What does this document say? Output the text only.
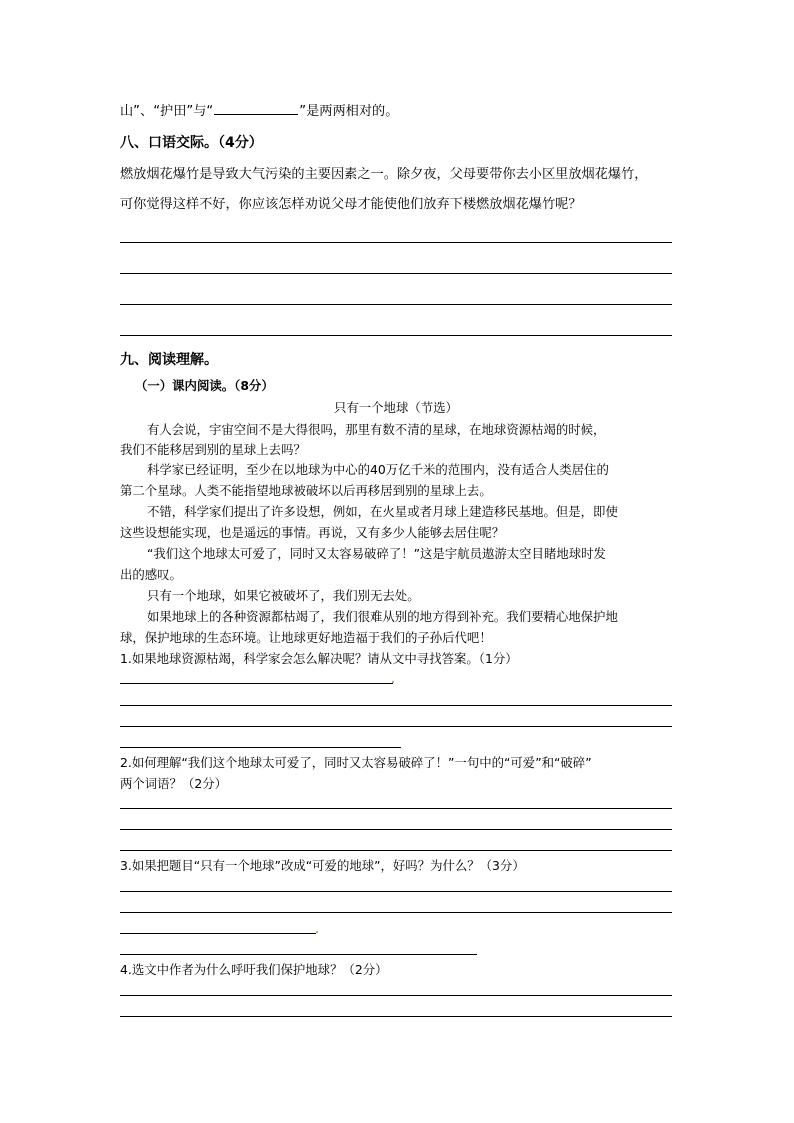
山”、“护田”与“	”是两两相对的。
八、口语交际。（4分）
燃放烟花爆竹是导致大气污染的主要因素之一。除夕夜，父母要带你去小区里放烟花爆竹，
可你觉得这样不好，你应该怎样劝说父母才能使他们放弃下楼燃放烟花爆竹呢？
九、阅读理解。
（一）课内阅读。（8分）
只有一个地球（节选）
有人会说，宇宙空间不是大得很吗，那里有数不清的星球，在地球资源枯竭的时候，
我们不能移居到别的星球上去吗？
科学家已经证明，至少在以地球为中心的40万亿千米的范围内，没有适合人类居住的
第二个星球。人类不能指望地球被破坏以后再移居到别的星球上去。
不错，科学家们提出了许多设想，例如，在火星或者月球上建造移民基地。但是，即使
这些设想能实现，也是遥远的事情。再说，又有多少人能够去居住呢？
“我们这个地球太可爱了，同时又太容易破碎了！”这是宇航员遨游太空目睹地球时发
出的感叹。
只有一个地球，如果它被破坏了，我们别无去处。
如果地球上的各种资源都枯竭了，我们很难从别的地方得到补充。我们要精心地保护地
球，保护地球的生态环境。让地球更好地造福于我们的子孙后代吧！
1.如果地球资源枯竭，科学家会怎么解决呢？请从文中寻找答案。（1分）
2.如何理解“我们这个地球太可爱了，同时又太容易破碎了！”一句中的“可爱”和“破碎”
两个词语？（2分）
3.如果把题目“只有一个地球”改成“可爱的地球”，好吗？为什么？（3分）
4.选文中作者为什么呼吁我们保护地球？（2分）
